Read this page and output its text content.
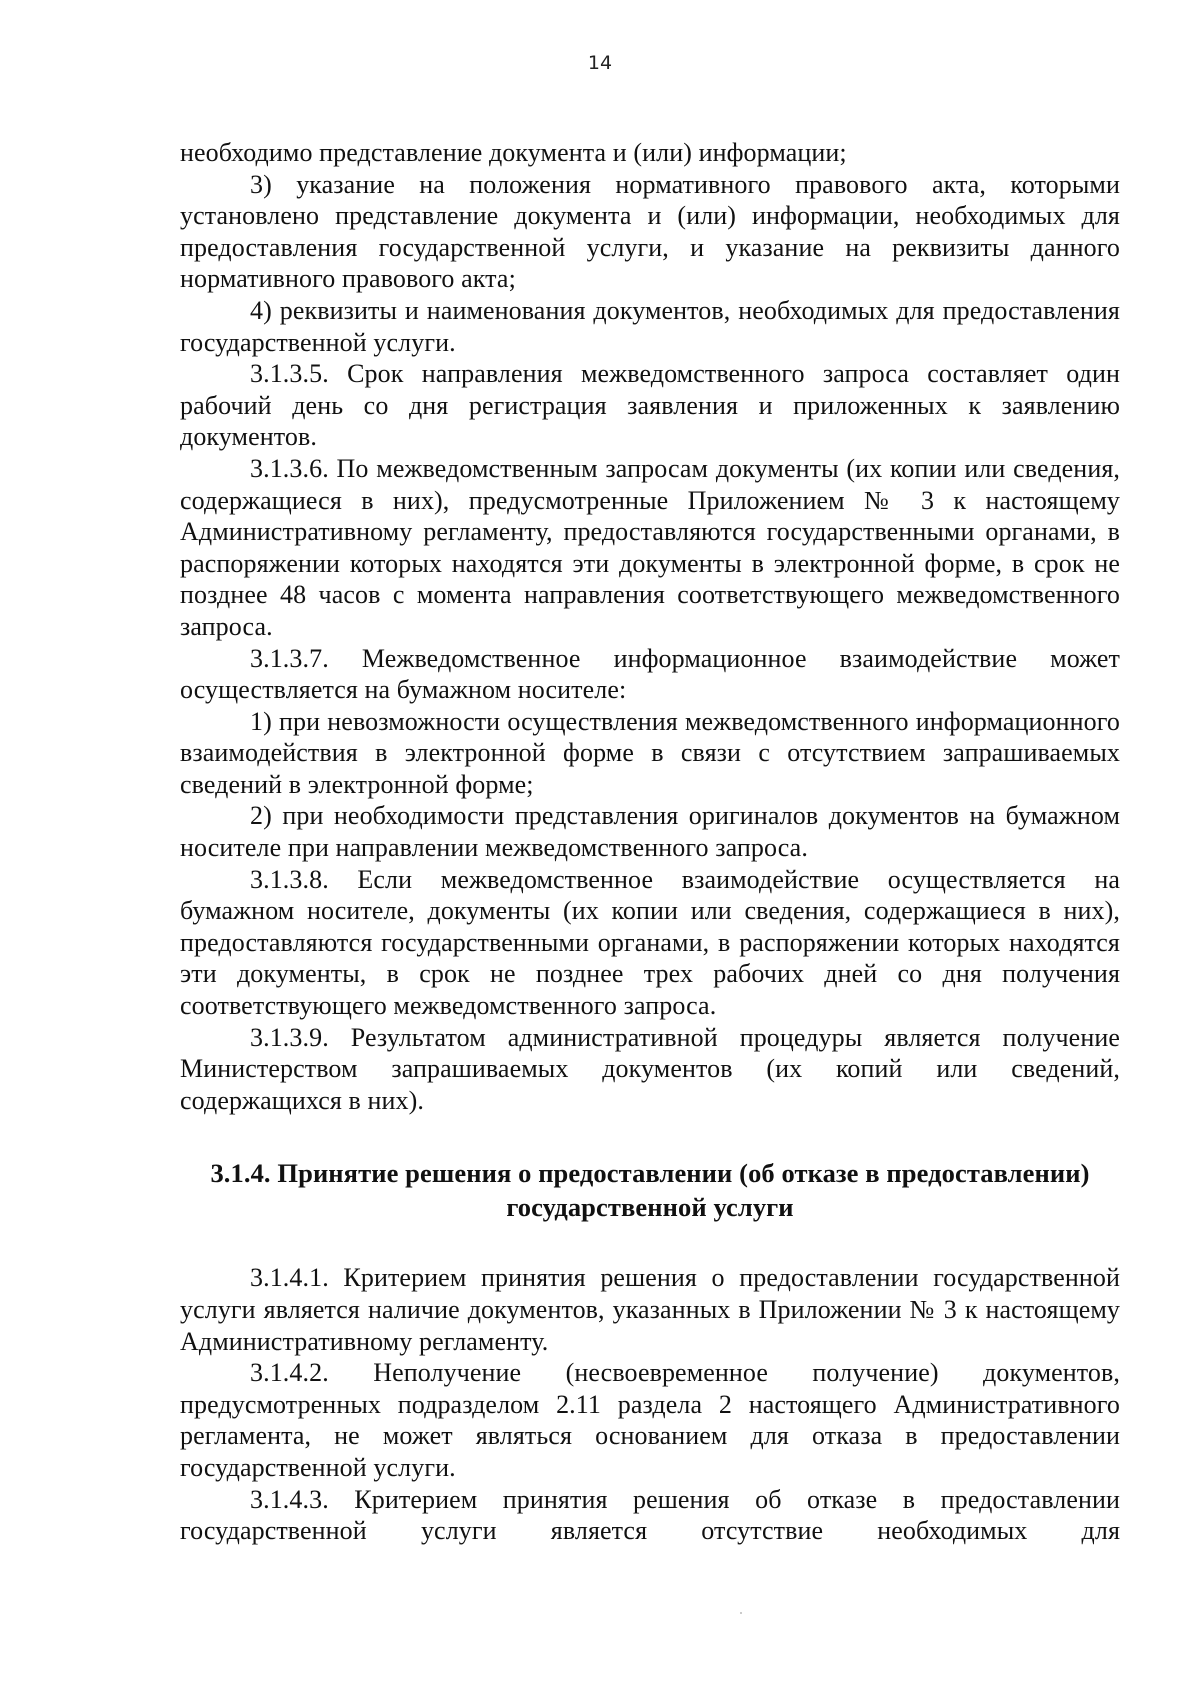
14

необходимо представление документа и (или) информации;

3) указание на положения нормативного правового акта, которыми установлено представление документа и (или) информации, необходимых для предоставления государственной услуги, и указание на реквизиты данного нормативного правового акта;

4) реквизиты и наименования документов, необходимых для предоставления государственной услуги.

3.1.3.5. Срок направления межведомственного запроса составляет один рабочий день со дня регистрация заявления и приложенных к заявлению документов.

3.1.3.6. По межведомственным запросам документы (их копии или сведения, содержащиеся в них), предусмотренные Приложением № 3 к настоящему Административному регламенту, предоставляются государственными органами, в распоряжении которых находятся эти документы в электронной форме, в срок не позднее 48 часов с момента направления соответствующего межведомственного запроса.

3.1.3.7. Межведомственное информационное взаимодействие может осуществляется на бумажном носителе:

1) при невозможности осуществления межведомственного информационного взаимодействия в электронной форме в связи с отсутствием запрашиваемых сведений в электронной форме;

2) при необходимости представления оригиналов документов на бумажном носителе при направлении межведомственного запроса.

3.1.3.8. Если межведомственное взаимодействие осуществляется на бумажном носителе, документы (их копии или сведения, содержащиеся в них), предоставляются государственными органами, в распоряжении которых находятся эти документы, в срок не позднее трех рабочих дней со дня получения соответствующего межведомственного запроса.

3.1.3.9. Результатом административной процедуры является получение Министерством запрашиваемых документов (их копий или сведений, содержащихся в них).

3.1.4. Принятие решения о предоставлении (об отказе в предоставлении)
государственной услуги

3.1.4.1. Критерием принятия решения о предоставлении государственной услуги является наличие документов, указанных в Приложении № 3 к настоящему Административному регламенту.

3.1.4.2. Неполучение (несвоевременное получение) документов, предусмотренных подразделом 2.11 раздела 2 настоящего Административного регламента, не может являться основанием для отказа в предоставлении государственной услуги.

3.1.4.3. Критерием принятия решения об отказе в предоставлении государственной услуги является отсутствие необходимых для
